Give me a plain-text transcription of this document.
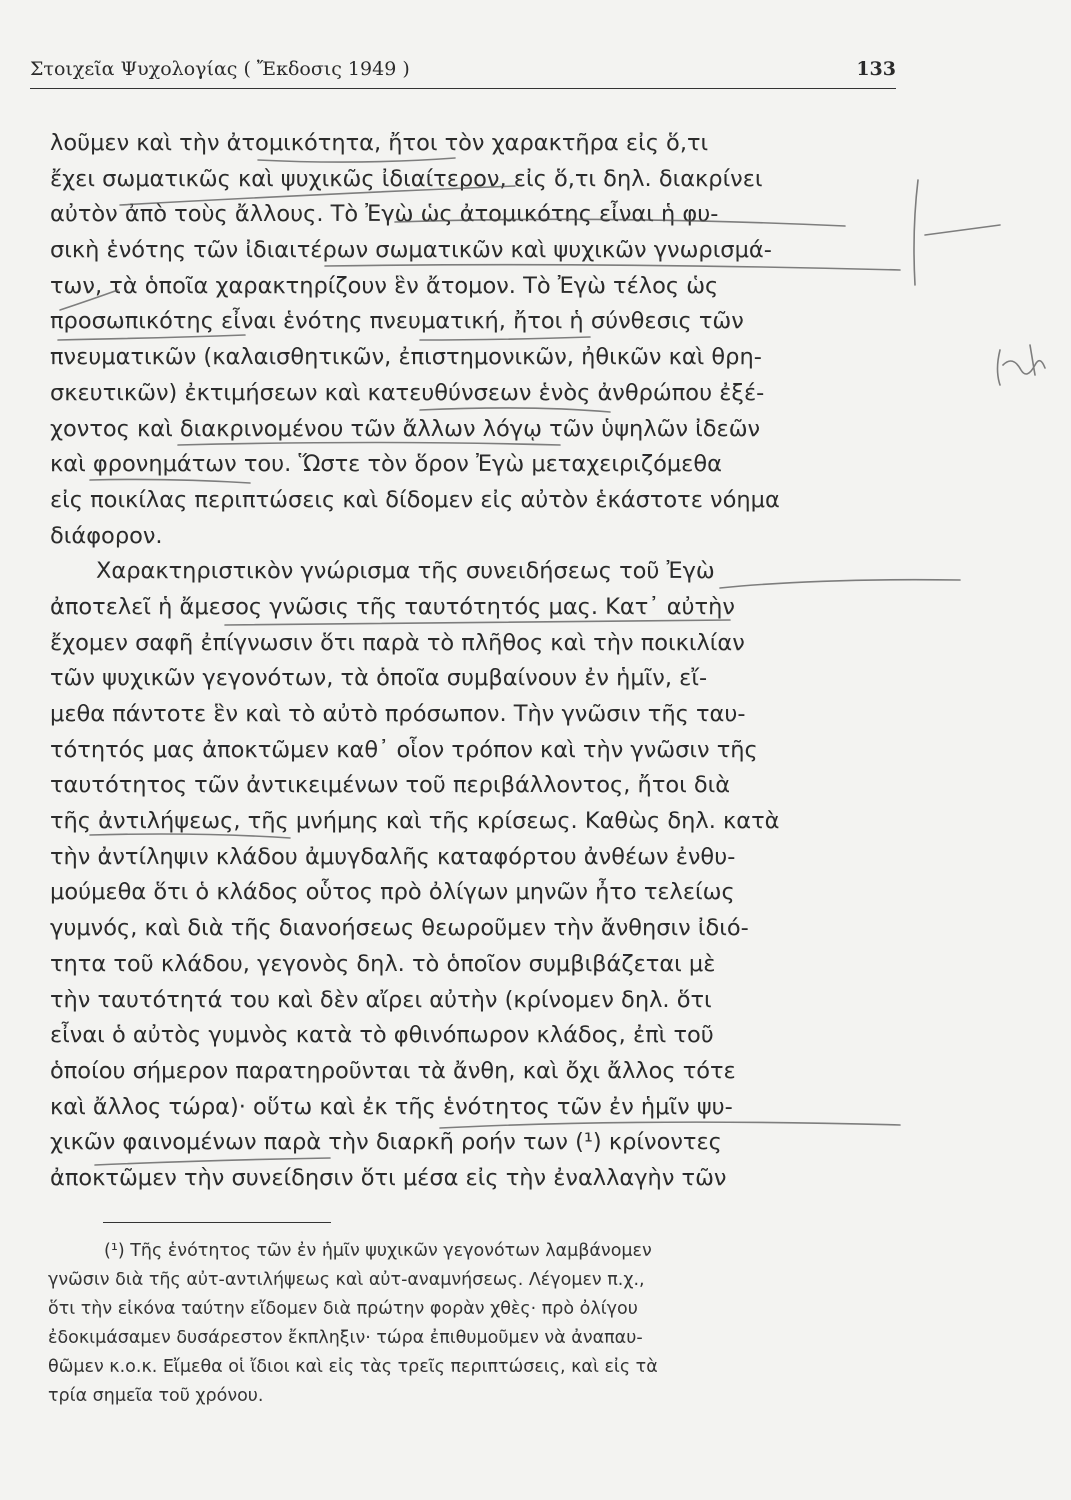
Στοιχεῖα Ψυχολογίας ( Ἔκδοσις 1949 )	133
λοῦμεν καὶ τὴν ἀτομικότητα, ἤτοι τὸν χαρακτῆρα εἰς ὅ,τι
ἔχει σωματικῶς καὶ ψυχικῶς ἰδιαίτερον, εἰς ὅ,τι δηλ. διακρίνει
αὐτὸν ἀπὸ τοὺς ἄλλους. Τὸ Ἐγὼ ὡς ἀτομικότης εἶναι ἡ φυ-
σικὴ ἑνότης τῶν ἰδιαιτέρων σωματικῶν καὶ ψυχικῶν γνωρισμά-
των, τὰ ὁποῖα χαρακτηρίζουν ἓν ἄτομον. Τὸ Ἐγὼ τέλος ὡς
προσωπικότης εἶναι ἑνότης πνευματική, ἤτοι ἡ σύνθεσις τῶν
πνευματικῶν (καλαισθητικῶν, ἐπιστημονικῶν, ἠθικῶν καὶ θρη-
σκευτικῶν) ἐκτιμήσεων καὶ κατευθύνσεων ἑνὸς ἀνθρώπου ἐξέ-
χοντος καὶ διακρινομένου τῶν ἄλλων λόγῳ τῶν ὑψηλῶν ἰδεῶν
καὶ φρονημάτων του. Ὥστε τὸν ὅρον Ἐγὼ μεταχειριζόμεθα
εἰς ποικίλας περιπτώσεις καὶ δίδομεν εἰς αὐτὸν ἑκάστοτε νόημα
διάφορον.
Χαρακτηριστικὸν γνώρισμα τῆς συνειδήσεως τοῦ Ἐγὼ
ἀποτελεῖ ἡ ἄμεσος γνῶσις τῆς ταυτότητός μας. Κατ᾽ αὐτὴν
ἔχομεν σαφῆ ἐπίγνωσιν ὅτι παρὰ τὸ πλῆθος καὶ τὴν ποικιλίαν
τῶν ψυχικῶν γεγονότων, τὰ ὁποῖα συμβαίνουν ἐν ἡμῖν, εἴ-
μεθα πάντοτε ἓν καὶ τὸ αὐτὸ πρόσωπον. Τὴν γνῶσιν τῆς ταυ-
τότητός μας ἀποκτῶμεν καθ᾽ οἷον τρόπον καὶ τὴν γνῶσιν τῆς
ταυτότητος τῶν ἀντικειμένων τοῦ περιβάλλοντος, ἤτοι διὰ
τῆς ἀντιλήψεως, τῆς μνήμης καὶ τῆς κρίσεως. Καθὼς δηλ. κατὰ
τὴν ἀντίληψιν κλάδου ἀμυγδαλῆς καταφόρτου ἀνθέων ἐνθυ-
μούμεθα ὅτι ὁ κλάδος οὗτος πρὸ ὀλίγων μηνῶν ἦτο τελείως
γυμνός, καὶ διὰ τῆς διανοήσεως θεωροῦμεν τὴν ἄνθησιν ἰδιό-
τητα τοῦ κλάδου, γεγονὸς δηλ. τὸ ὁποῖον συμβιβάζεται μὲ
τὴν ταυτότητά του καὶ δὲν αἴρει αὐτὴν (κρίνομεν δηλ. ὅτι
εἶναι ὁ αὐτὸς γυμνὸς κατὰ τὸ φθινόπωρον κλάδος, ἐπὶ τοῦ
ὁποίου σήμερον παρατηροῦνται τὰ ἄνθη, καὶ ὄχι ἄλλος τότε
καὶ ἄλλος τώρα)· οὕτω καὶ ἐκ τῆς ἑνότητος τῶν ἐν ἡμῖν ψυ-
χικῶν φαινομένων παρὰ τὴν διαρκῆ ροήν των (¹) κρίνοντες
ἀποκτῶμεν τὴν συνείδησιν ὅτι μέσα εἰς τὴν ἐναλλαγὴν τῶν
(¹) Τῆς ἑνότητος τῶν ἐν ἡμῖν ψυχικῶν γεγονότων λαμβάνομεν
γνῶσιν διὰ τῆς αὐτ-αντιλήψεως καὶ αὐτ-αναμνήσεως. Λέγομεν π.χ.,
ὅτι τὴν εἰκόνα ταύτην εἴδομεν διὰ πρώτην φορὰν χθὲς· πρὸ ὀλίγου
ἐδοκιμάσαμεν δυσάρεστον ἔκπληξιν· τώρα ἐπιθυμοῦμεν νὰ ἀναπαυ-
θῶμεν κ.ο.κ. Εἴμεθα οἱ ἴδιοι καὶ εἰς τὰς τρεῖς περιπτώσεις, καὶ εἰς τὰ
τρία σημεῖα τοῦ χρόνου.
